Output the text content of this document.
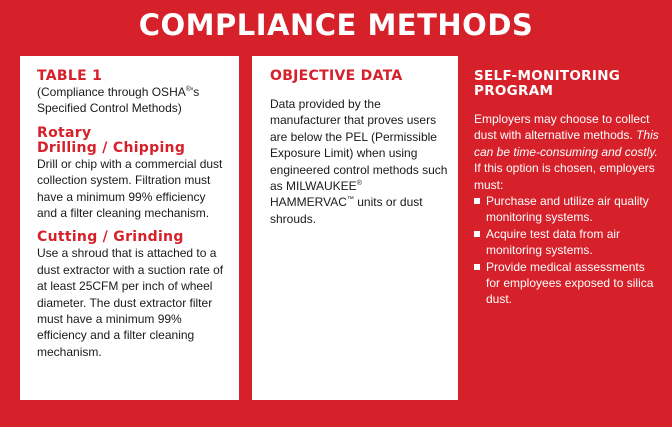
COMPLIANCE METHODS
TABLE 1
(Compliance through OSHA®'s
Specified Control Methods)
Rotary
Drilling / Chipping
Drill or chip with a commercial dust collection system. Filtration must have a minimum 99% efficiency and a filter cleaning mechanism.
Cutting / Grinding
Use a shroud that is attached to a dust extractor with a suction rate of at least 25CFM per inch of wheel diameter. The dust extractor filter must have a minimum 99% efficiency and a filter cleaning mechanism.
OBJECTIVE DATA
Data provided by the manufacturer that proves users are below the PEL (Permissible Exposure Limit) when using engineered control methods such as MILWAUKEE® HAMMERVAC™ units or dust shrouds.
SELF-MONITORING
PROGRAM
Employers may choose to collect dust with alternative methods. This can be time-consuming and costly.
If this option is chosen, employers must:
Purchase and utilize air quality monitoring systems.
Acquire test data from air monitoring systems.
Provide medical assessments for employees exposed to silica dust.
